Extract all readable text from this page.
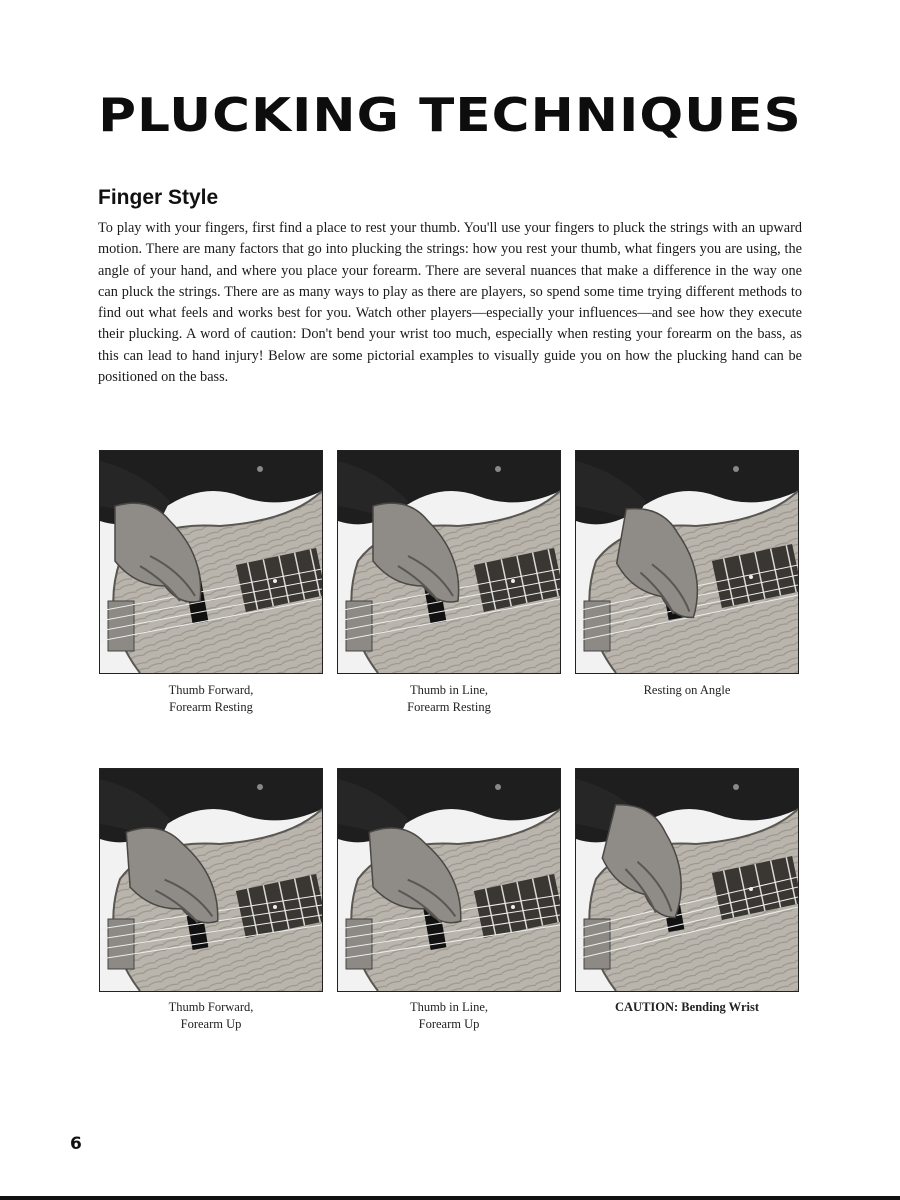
PLUCKING TECHNIQUES
Finger Style
To play with your fingers, first find a place to rest your thumb. You'll use your fingers to pluck the strings with an upward motion. There are many factors that go into plucking the strings: how you rest your thumb, what fingers you are using, the angle of your hand, and where you place your forearm. There are several nuances that make a difference in the way one can pluck the strings. There are as many ways to play as there are players, so spend some time trying different methods to find out what feels and works best for you. Watch other players—especially your influences—and see how they execute their plucking. A word of caution: Don't bend your wrist too much, especially when resting your forearm on the bass, as this can lead to hand injury! Below are some pictorial examples to visually guide you on how the plucking hand can be positioned on the bass.
Thumb Forward,
Forearm Resting
Thumb in Line,
Forearm Resting
Resting on Angle
Thumb Forward,
Forearm Up
Thumb in Line,
Forearm Up
CAUTION: Bending Wrist
6
